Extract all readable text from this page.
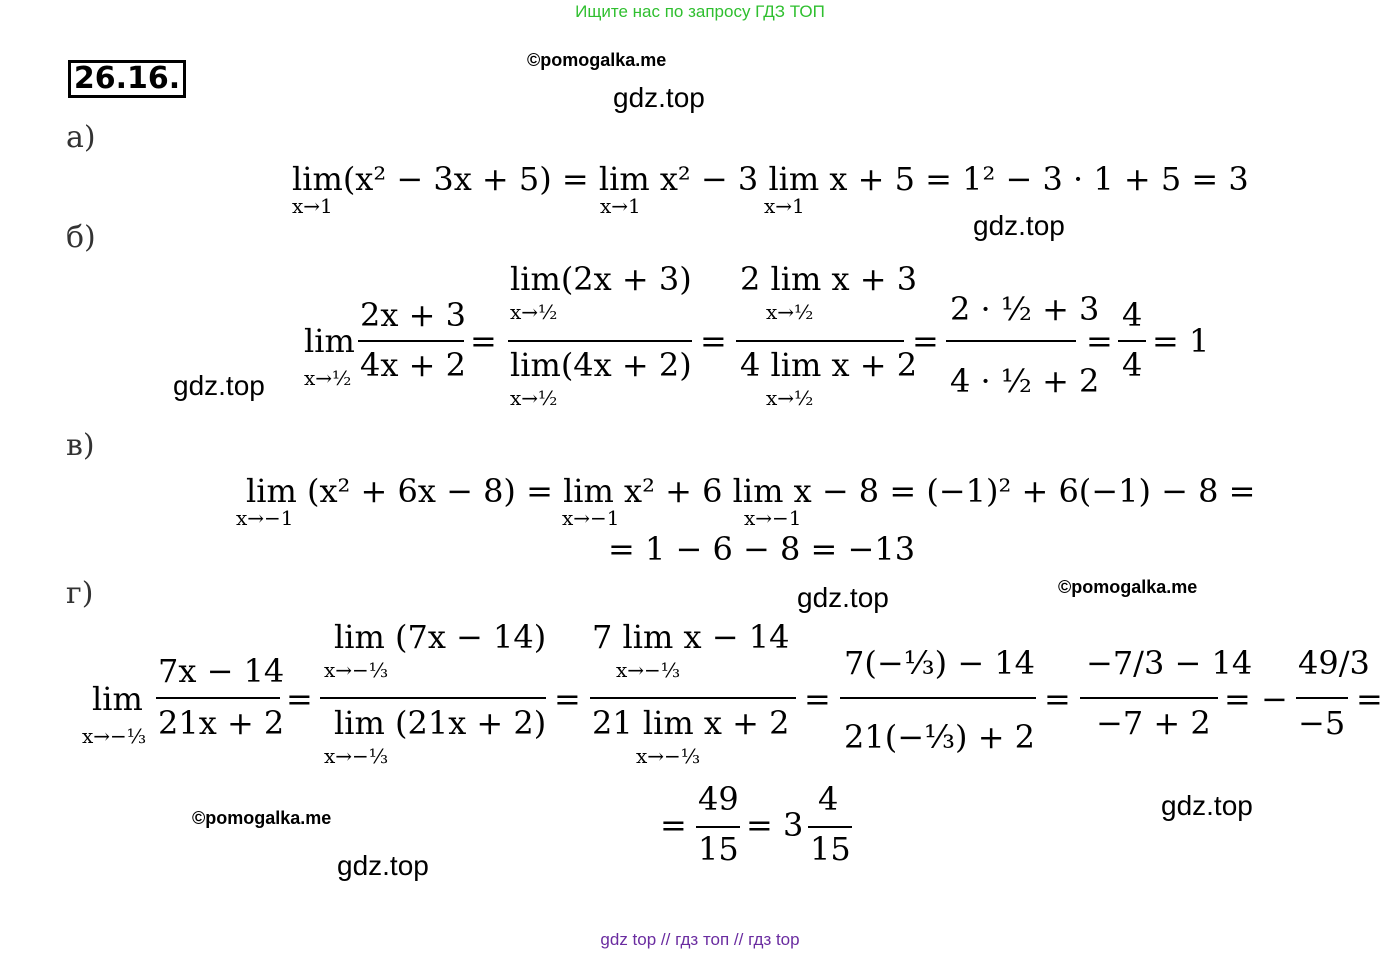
Ищите нас по запросу ГДЗ ТОП
26.16.
©pomogalka.me
gdz.top
gdz.top
gdz.top
©pomogalka.me
gdz.top
gdz.top
©pomogalka.me
gdz.top
а)
lim(x² − 3x + 5) = lim x² − 3 lim x + 5 = 1² − 3 · 1 + 5 = 3
x→1	x→1	x→1
б)
lim
x→½
2x + 3
4x + 2
=
lim(2x + 3)
x→½
lim(4x + 2)
x→½
=
2 lim x + 3
x→½
4 lim x + 2
x→½
=
2 · ½ + 3
4 · ½ + 2
=
4
4
= 1
в)
lim (x² + 6x − 8) = lim x² + 6 lim x − 8 = (−1)² + 6(−1) − 8 =
x→−1	x→−1	x→−1
= 1 − 6 − 8 = −13
г)
lim
x→−⅓
7x − 14
21x + 2
=
lim (7x − 14)
x→−⅓
lim (21x + 2)
x→−⅓
=
7 lim x − 14
x→−⅓
21 lim x + 2
x→−⅓
=
7(−⅓) − 14
21(−⅓) + 2
=
−7/3 − 14
−7 + 2
= −
49/3
−5
=
=
49
15
= 3
4
15
gdz top // гдз топ // гдз top
